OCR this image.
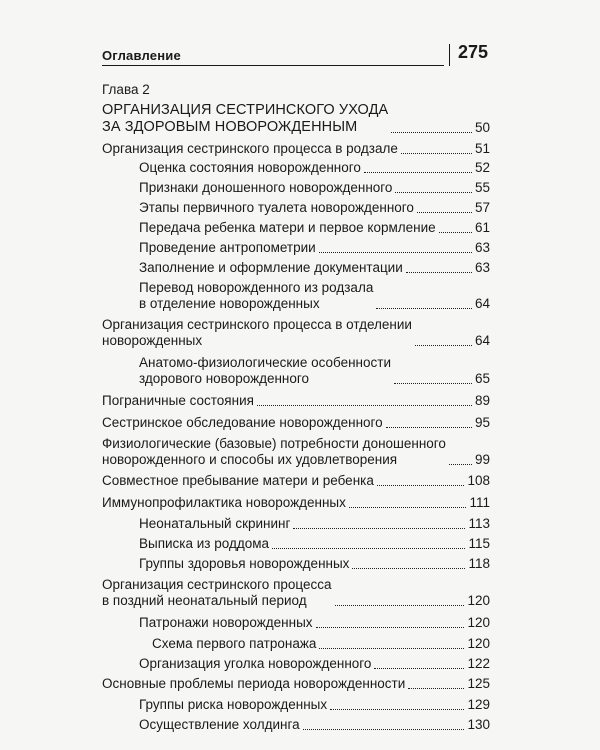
Оглавление	275
Глава 2
ОРГАНИЗАЦИЯ СЕСТРИНСКОГО УХОДА
ЗА ЗДОРОВЫМ НОВОРОЖДЕННЫМ	50
Организация сестринского процесса в родзале	51
Оценка состояния новорожденного	52
Признаки доношенного новорожденного	55
Этапы первичного туалета новорожденного	57
Передача ребенка матери и первое кормление	61
Проведение антропометрии	63
Заполнение и оформление документации	63
Перевод новорожденного из родзала
в отделение новорожденных	64
Организация сестринского процесса в отделении
новорожденных	64
Анатомо-физиологические особенности
здорового новорожденного	65
Пограничные состояния	89
Сестринское обследование новорожденного	95
Физиологические (базовые) потребности доношенного
новорожденного и способы их удовлетворения	99
Совместное пребывание матери и ребенка	108
Иммунопрофилактика новорожденных	111
Неонатальный скрининг	113
Выписка из роддома	115
Группы здоровья новорожденных	118
Организация сестринского процесса
в поздний неонатальный период	120
Патронажи новорожденных	120
Схема первого патронажа	120
Организация уголка новорожденного	122
Основные проблемы периода новорожденности	125
Группы риска новорожденных	129
Осуществление холдинга	130
